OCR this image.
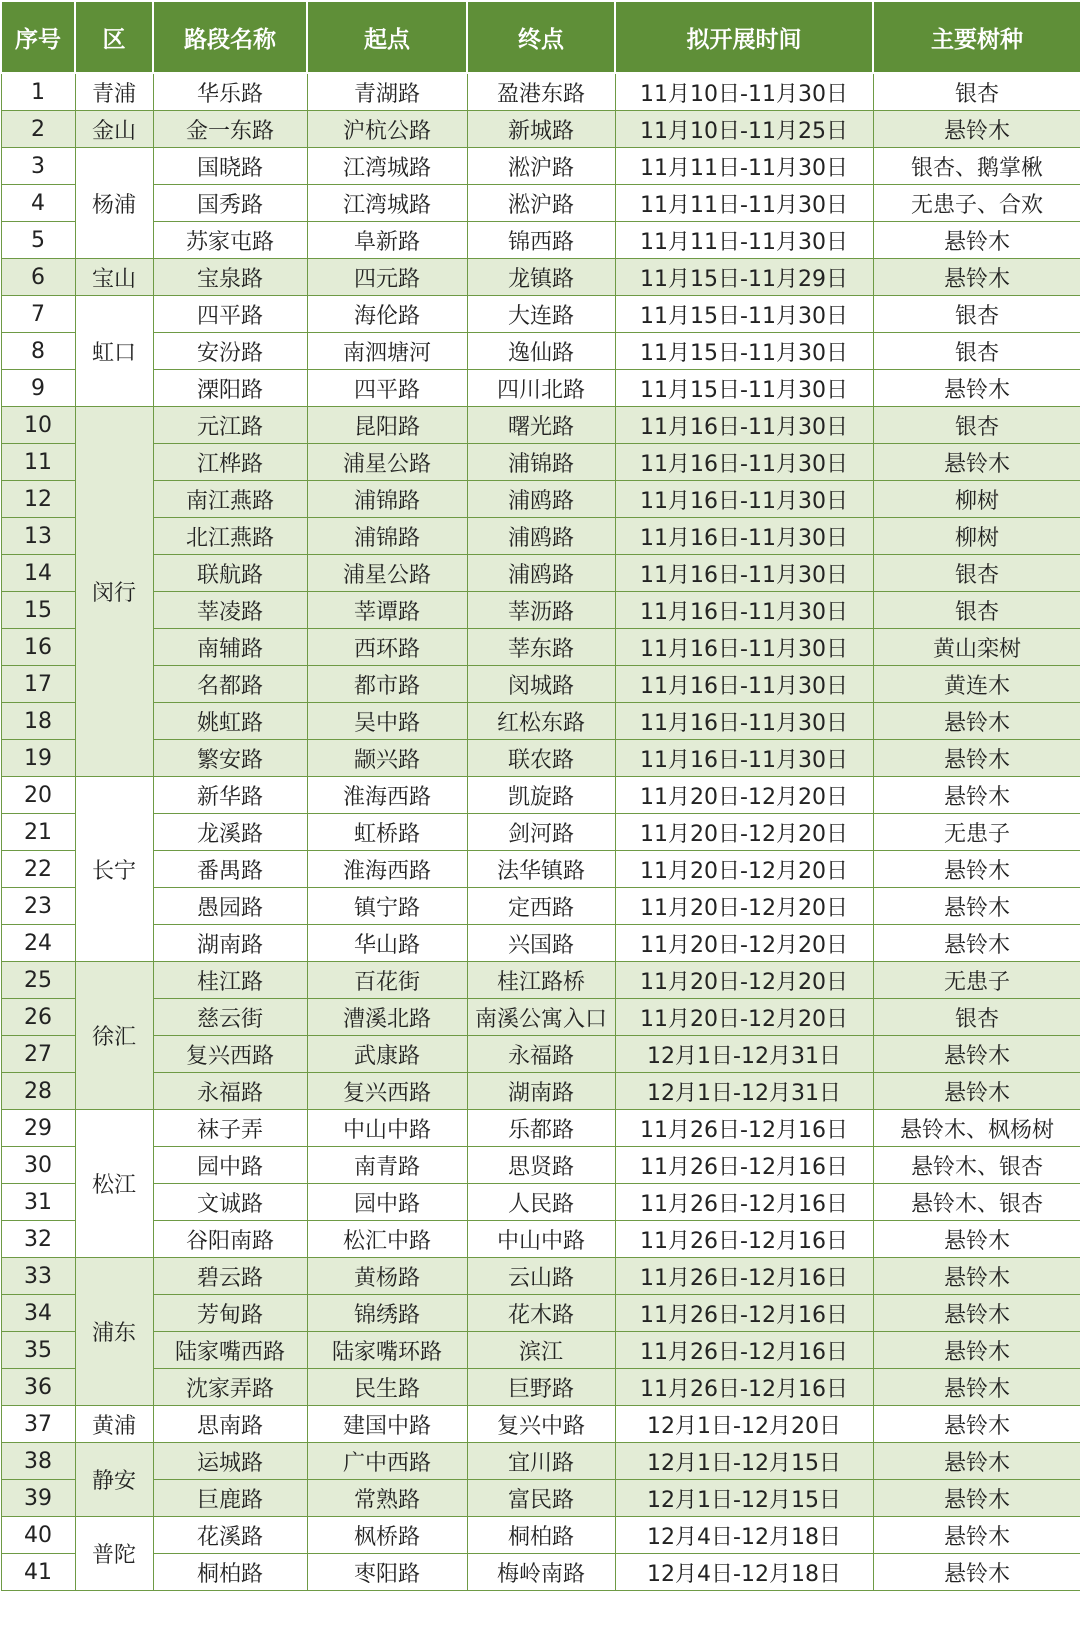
序号	区	路段名称	起点	终点	拟开展时间	主要树种
1	青浦	华乐路	青湖路	盈港东路	11月10日-11月30日	银杏
2	金山	金一东路	沪杭公路	新城路	11月10日-11月25日	悬铃木
3	杨浦	国晓路	江湾城路	淞沪路	11月11日-11月30日	银杏、鹅掌楸
4		国秀路	江湾城路	淞沪路	11月11日-11月30日	无患子、合欢
5		苏家屯路	阜新路	锦西路	11月11日-11月30日	悬铃木
6	宝山	宝泉路	四元路	龙镇路	11月15日-11月29日	悬铃木
7	虹口	四平路	海伦路	大连路	11月15日-11月30日	银杏
8		安汾路	南泗塘河	逸仙路	11月15日-11月30日	银杏
9		溧阳路	四平路	四川北路	11月15日-11月30日	悬铃木
10	闵行	元江路	昆阳路	曙光路	11月16日-11月30日	银杏
11		江桦路	浦星公路	浦锦路	11月16日-11月30日	悬铃木
12		南江燕路	浦锦路	浦鸥路	11月16日-11月30日	柳树
13		北江燕路	浦锦路	浦鸥路	11月16日-11月30日	柳树
14		联航路	浦星公路	浦鸥路	11月16日-11月30日	银杏
15		莘凌路	莘谭路	莘沥路	11月16日-11月30日	银杏
16		南辅路	西环路	莘东路	11月16日-11月30日	黄山栾树
17		名都路	都市路	闵城路	11月16日-11月30日	黄连木
18		姚虹路	吴中路	红松东路	11月16日-11月30日	悬铃木
19		繁安路	颛兴路	联农路	11月16日-11月30日	悬铃木
20	长宁	新华路	淮海西路	凯旋路	11月20日-12月20日	悬铃木
21		龙溪路	虹桥路	剑河路	11月20日-12月20日	无患子
22		番禺路	淮海西路	法华镇路	11月20日-12月20日	悬铃木
23		愚园路	镇宁路	定西路	11月20日-12月20日	悬铃木
24		湖南路	华山路	兴国路	11月20日-12月20日	悬铃木
25	徐汇	桂江路	百花街	桂江路桥	11月20日-12月20日	无患子
26		慈云街	漕溪北路	南溪公寓入口	11月20日-12月20日	银杏
27		复兴西路	武康路	永福路	12月1日-12月31日	悬铃木
28		永福路	复兴西路	湖南路	12月1日-12月31日	悬铃木
29	松江	袜子弄	中山中路	乐都路	11月26日-12月16日	悬铃木、枫杨树
30		园中路	南青路	思贤路	11月26日-12月16日	悬铃木、银杏
31		文诚路	园中路	人民路	11月26日-12月16日	悬铃木、银杏
32		谷阳南路	松汇中路	中山中路	11月26日-12月16日	悬铃木
33	浦东	碧云路	黄杨路	云山路	11月26日-12月16日	悬铃木
34		芳甸路	锦绣路	花木路	11月26日-12月16日	悬铃木
35		陆家嘴西路	陆家嘴环路	滨江	11月26日-12月16日	悬铃木
36		沈家弄路	民生路	巨野路	11月26日-12月16日	悬铃木
37	黄浦	思南路	建国中路	复兴中路	12月1日-12月20日	悬铃木
38	静安	运城路	广中西路	宜川路	12月1日-12月15日	悬铃木
39		巨鹿路	常熟路	富民路	12月1日-12月15日	悬铃木
40	普陀	花溪路	枫桥路	桐柏路	12月4日-12月18日	悬铃木
41		桐柏路	枣阳路	梅岭南路	12月4日-12月18日	悬铃木
